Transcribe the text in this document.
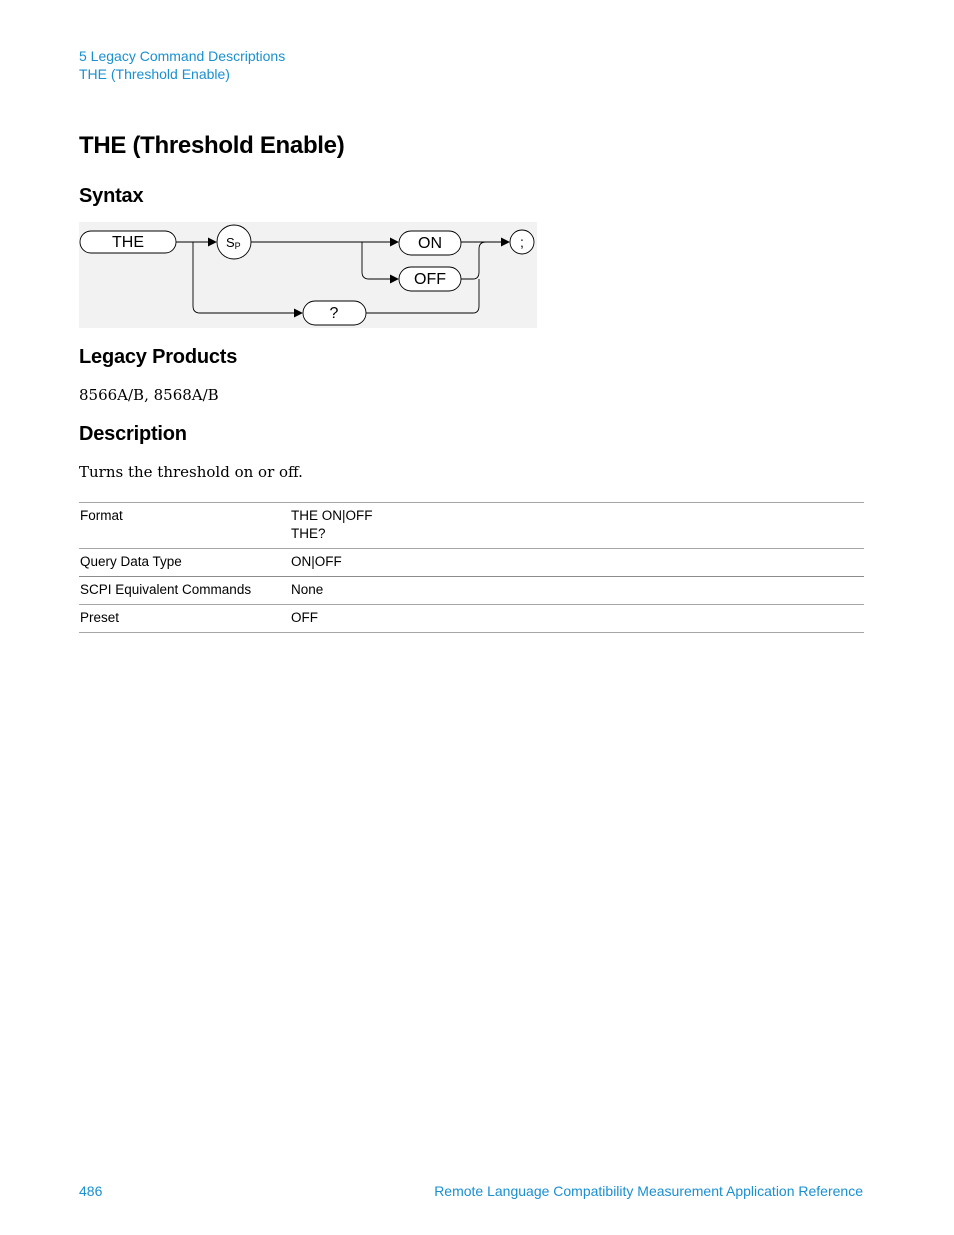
5 Legacy Command Descriptions
THE (Threshold Enable)
THE (Threshold Enable)
Syntax
THE	SP	ON
OFF
?
;
Legacy Products

8566A/B, 8568A/B

Description

Turns the threshold on or off.

Format	THE ON|OFF
THE?

Query Data Type	ON|OFF
SCPI Equivalent Commands	None
Preset	OFF
486	Remote Language Compatibility Measurement Application Reference
